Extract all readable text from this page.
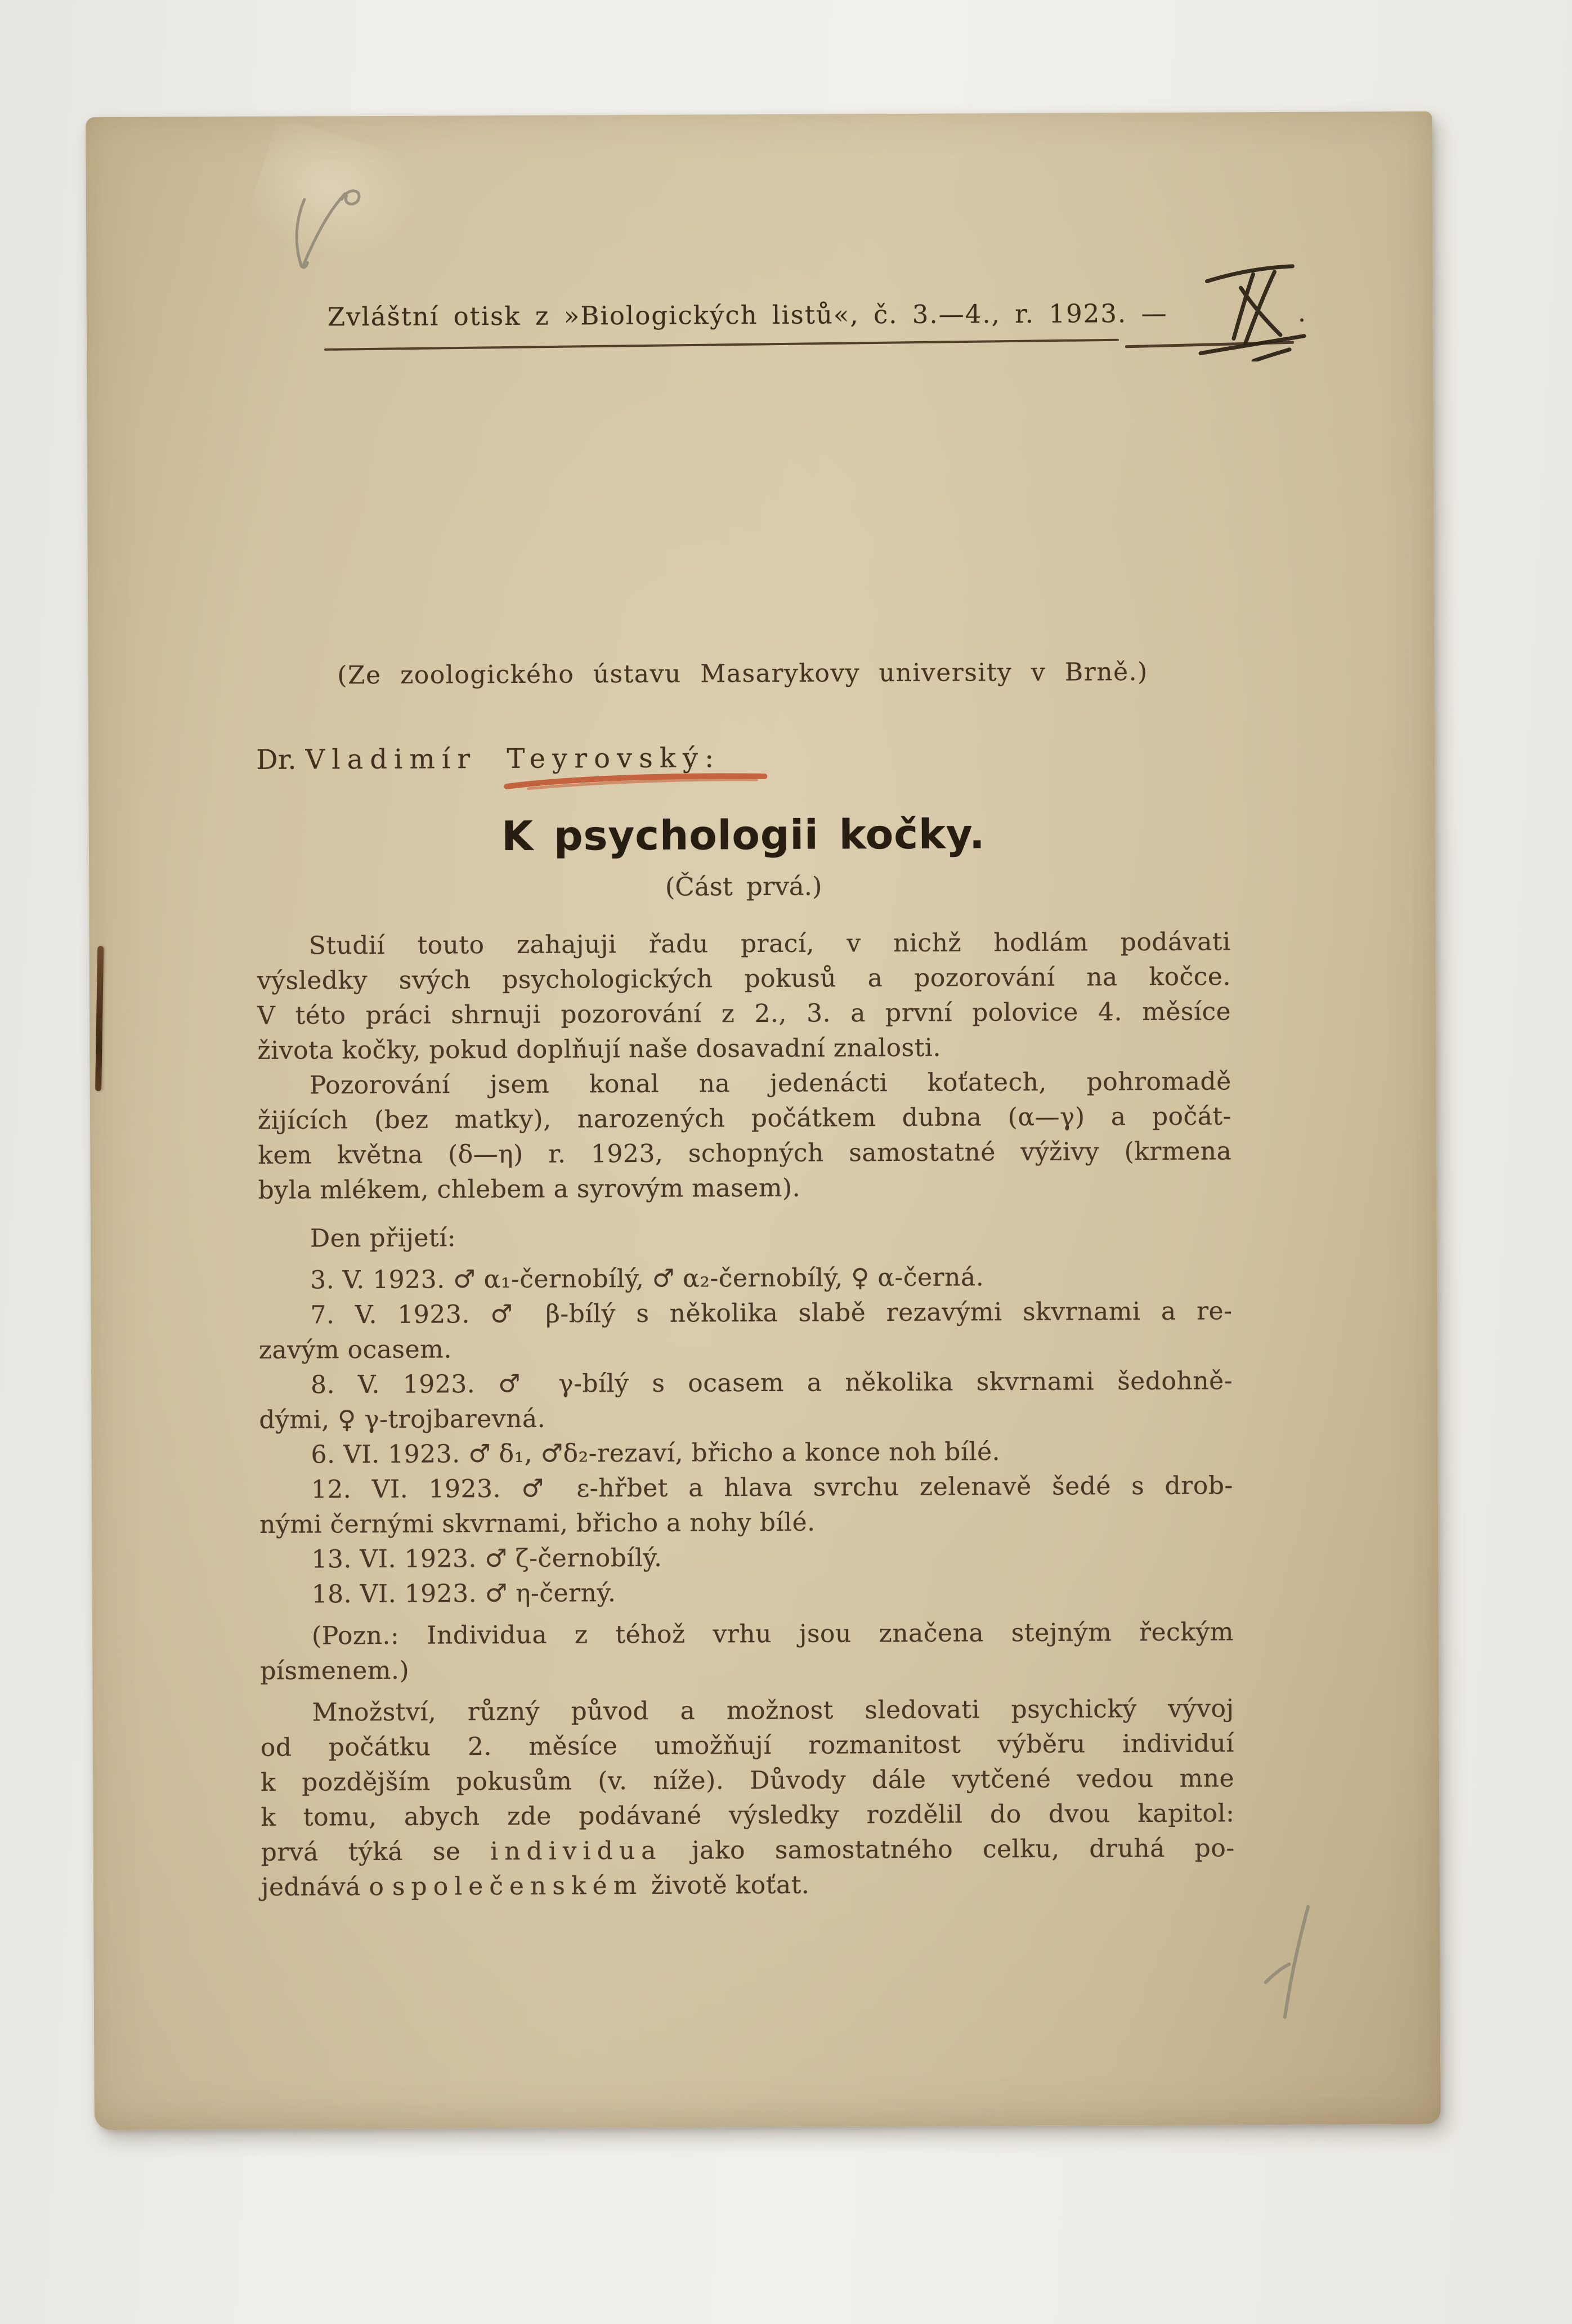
Zvláštní otisk z »Biologických listů«, č. 3.—4., r. 1923. —	.
(Ze zoologického ústavu Masarykovy university v Brně.)
Dr. Vladimír Teyrovský:
K psychologii kočky.
(Část prvá.)
Studií touto zahajuji řadu prací, v nichž hodlám podávati
výsledky svých psychologických pokusů a pozorování na kočce.
V této práci shrnuji pozorování z 2., 3. a první polovice 4. měsíce
života kočky, pokud doplňují naše dosavadní znalosti.
Pozorování jsem konal na jedenácti koťatech, pohromadě
žijících (bez matky), narozených počátkem dubna (α—γ) a počát-
kem května (δ—η) r. 1923, schopných samostatné výživy (krmena
byla mlékem, chlebem a syrovým masem).
Den přijetí:
3. V. 1923. ♂ α₁-černobílý, ♂ α₂-černobílý, ♀ α-černá.
7. V. 1923. ♂ β-bílý s několika slabě rezavými skvrnami a re-
zavým ocasem.
8. V. 1923. ♂ γ-bílý s ocasem a několika skvrnami šedohně-
dými, ♀ γ-trojbarevná.
6. VI. 1923. ♂ δ₁, ♂δ₂-rezaví, břicho a konce noh bílé.
12. VI. 1923. ♂ ε-hřbet a hlava svrchu zelenavě šedé s drob-
nými černými skvrnami, břicho a nohy bílé.
13. VI. 1923. ♂ ζ-černobílý.
18. VI. 1923. ♂ η-černý.
(Pozn.: Individua z téhož vrhu jsou značena stejným řeckým
písmenem.)
Množství, různý původ a možnost sledovati psychický vývoj
od počátku 2. měsíce umožňují rozmanitost výběru individuí
k pozdějším pokusům (v. níže). Důvody dále vytčené vedou mne
k tomu, abych zde podávané výsledky rozdělil do dvou kapitol:
prvá týká se individua jako samostatného celku, druhá po-
jednává o společenském životě koťat.
